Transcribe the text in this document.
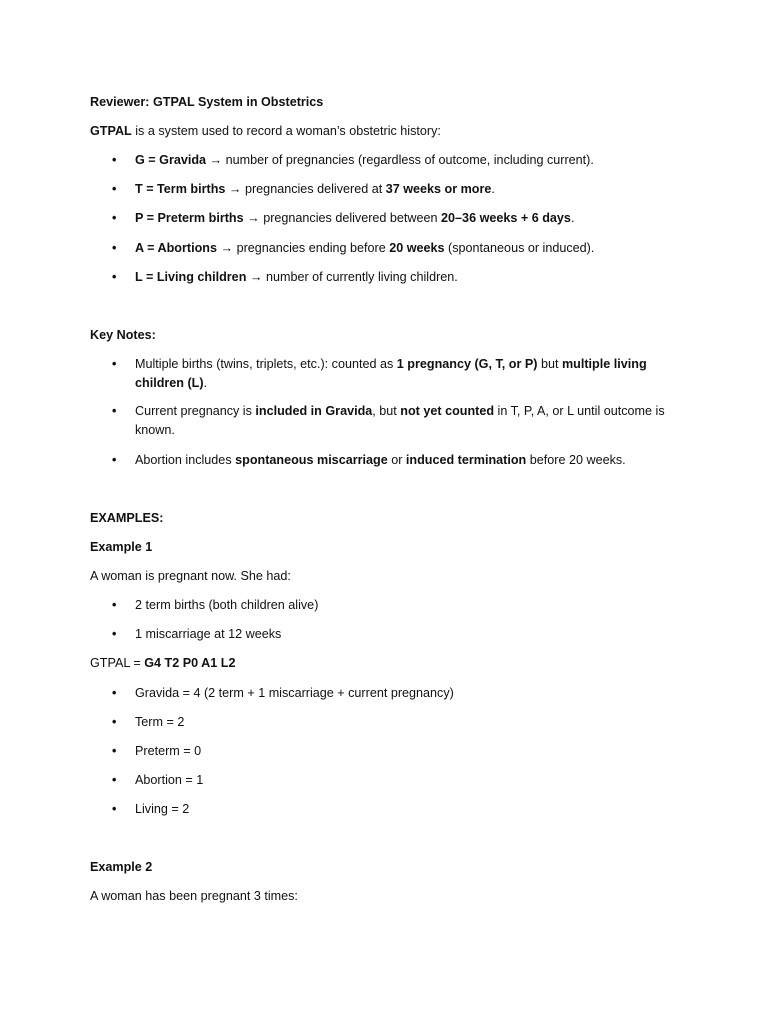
Reviewer: GTPAL System in Obstetrics
GTPAL is a system used to record a woman’s obstetric history:
• G = Gravida → number of pregnancies (regardless of outcome, including current).
• T = Term births → pregnancies delivered at 37 weeks or more.
• P = Preterm births → pregnancies delivered between 20–36 weeks + 6 days.
• A = Abortions → pregnancies ending before 20 weeks (spontaneous or induced).
• L = Living children → number of currently living children.
Key Notes:
• Multiple births (twins, triplets, etc.): counted as 1 pregnancy (G, T, or P) but multiple living children (L).
• Current pregnancy is included in Gravida, but not yet counted in T, P, A, or L until outcome is known.
• Abortion includes spontaneous miscarriage or induced termination before 20 weeks.
EXAMPLES:
Example 1
A woman is pregnant now. She had:
• 2 term births (both children alive)
• 1 miscarriage at 12 weeks
GTPAL = G4 T2 P0 A1 L2
• Gravida = 4 (2 term + 1 miscarriage + current pregnancy)
• Term = 2
• Preterm = 0
• Abortion = 1
• Living = 2
Example 2
A woman has been pregnant 3 times:
